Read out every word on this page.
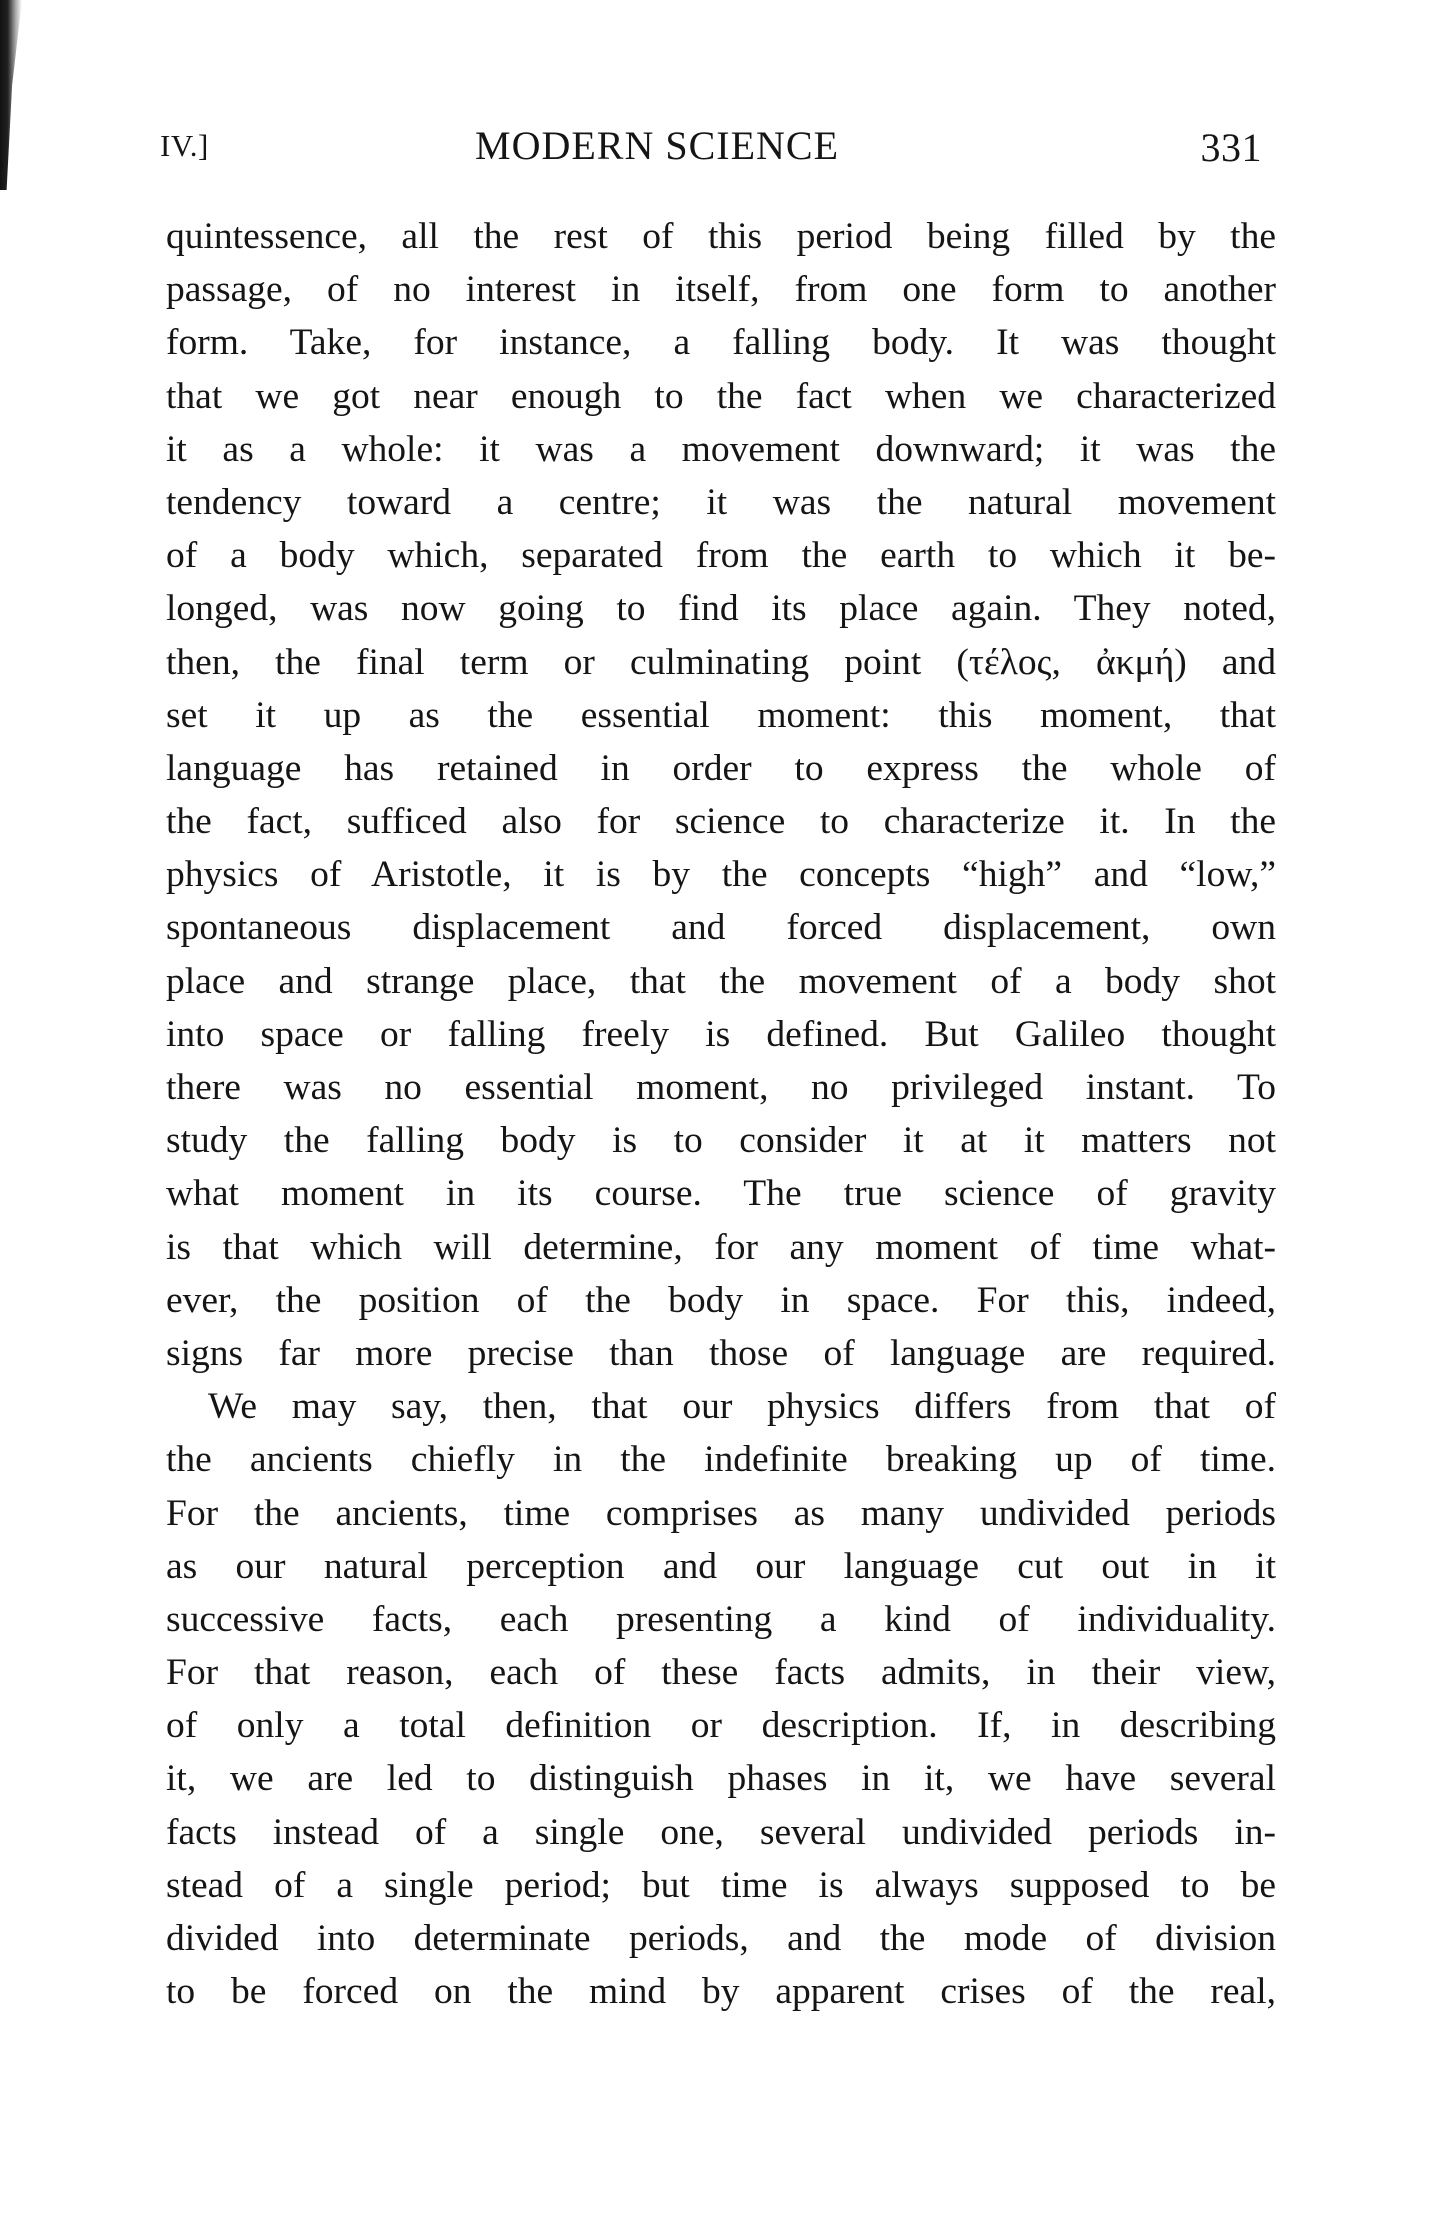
IV.]	MODERN SCIENCE	331
quintessence, all the rest of this period being filled by the
passage, of no interest in itself, from one form to another
form. Take, for instance, a falling body. It was thought
that we got near enough to the fact when we characterized
it as a whole: it was a movement downward; it was the
tendency toward a centre; it was the natural movement
of a body which, separated from the earth to which it be-
longed, was now going to find its place again. They noted,
then, the final term or culminating point (τέλος, ἀκμή) and
set it up as the essential moment: this moment, that
language has retained in order to express the whole of
the fact, sufficed also for science to characterize it. In the
physics of Aristotle, it is by the concepts “high” and “low,”
spontaneous displacement and forced displacement, own
place and strange place, that the movement of a body shot
into space or falling freely is defined. But Galileo thought
there was no essential moment, no privileged instant. To
study the falling body is to consider it at it matters not
what moment in its course. The true science of gravity
is that which will determine, for any moment of time what-
ever, the position of the body in space. For this, indeed,
signs far more precise than those of language are required.
We may say, then, that our physics differs from that of
the ancients chiefly in the indefinite breaking up of time.
For the ancients, time comprises as many undivided periods
as our natural perception and our language cut out in it
successive facts, each presenting a kind of individuality.
For that reason, each of these facts admits, in their view,
of only a total definition or description. If, in describing
it, we are led to distinguish phases in it, we have several
facts instead of a single one, several undivided periods in-
stead of a single period; but time is always supposed to be
divided into determinate periods, and the mode of division
to be forced on the mind by apparent crises of the real,
